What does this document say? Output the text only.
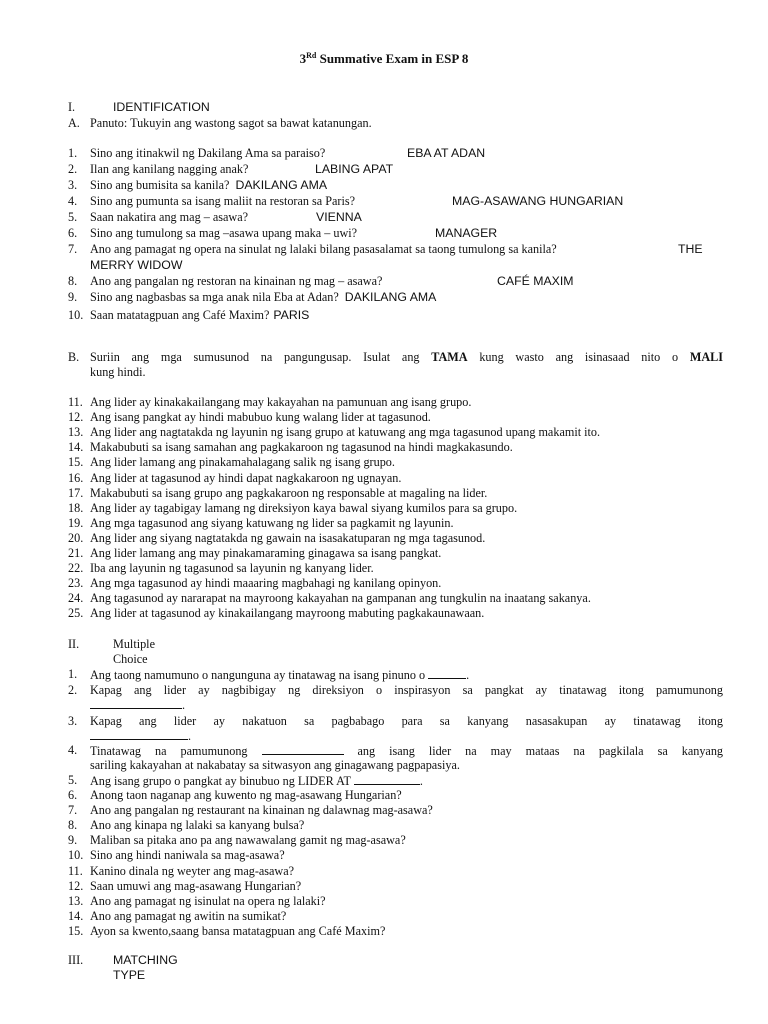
3Rd Summative Exam in ESP 8
I.	IDENTIFICATION
A. Panuto: Tukuyin ang wastong sagot sa bawat katanungan.
1. Sino ang itinakwil ng Dakilang Ama sa paraiso?	EBA AT ADAN
2. Ilan ang kanilang nagging anak?	LABING APAT
3. Sino ang bumisita sa kanila? DAKILANG AMA
4. Sino ang pumunta sa isang maliit na restoran sa Paris?	MAG-ASAWANG HUNGARIAN
5. Saan nakatira ang mag – asawa?	VIENNA
6. Sino ang tumulong sa mag –asawa upang maka – uwi?	MANAGER
7. Ano ang pamagat ng opera na sinulat ng lalaki bilang pasasalamat sa taong tumulong sa kanila?	THE
MERRY WIDOW
8. Ano ang pangalan ng restoran na kinainan ng mag – asawa?	CAFÉ MAXIM
9. Sino ang nagbasbas sa mga anak nila Eba at Adan? DAKILANG AMA
10. Saan matatagpuan ang Café Maxim? PARIS
B. Suriin ang mga sumusunod na pangungusap. Isulat ang TAMA kung wasto ang isinasaad nito o MALI
kung hindi.
11. Ang lider ay kinakakailangang may kakayahan na pamunuan ang isang grupo.
12. Ang isang pangkat ay hindi mabubuo kung walang lider at tagasunod.
13. Ang lider ang nagtatakda ng layunin ng isang grupo at katuwang ang mga tagasunod upang makamit ito.
14. Makabubuti sa isang samahan ang pagkakaroon ng tagasunod na hindi magkakasundo.
15. Ang lider lamang ang pinakamahalagang salik ng isang grupo.
16. Ang lider at tagasunod ay hindi dapat nagkakaroon ng ugnayan.
17. Makabubuti sa isang grupo ang pagkakaroon ng responsable at magaling na lider.
18. Ang lider ay tagabigay lamang ng direksiyon kaya bawal siyang kumilos para sa grupo.
19. Ang mga tagasunod ang siyang katuwang ng lider sa pagkamit ng layunin.
20. Ang lider ang siyang nagtatakda ng gawain na isasakatuparan ng mga tagasunod.
21. Ang lider lamang ang may pinakamaraming ginagawa sa isang pangkat.
22. Iba ang layunin ng tagasunod sa layunin ng kanyang lider.
23. Ang mga tagasunod ay hindi maaaring magbahagi ng kanilang opinyon.
24. Ang tagasunod ay nararapat na mayroong kakayahan na gampanan ang tungkulin na inaatang sakanya.
25. Ang lider at tagasunod ay kinakailangang mayroong mabuting pagkakaunawaan.
II.	Multiple Choice
1. Ang taong namumuno o nangunguna ay tinatawag na isang pinuno o	.
2. Kapag ang lider ay nagbibigay ng direksiyon o inspirasyon sa pangkat ay tinatawag itong pamumunong
.
3. Kapag ang lider ay nakatuon sa pagbabago para sa kanyang nasasakupan ay tinatawag itong
.
4. Tinatawag na pamumunong	ang isang lider na may mataas na pagkilala sa kanyang
sariling kakayahan at nakabatay sa sitwasyon ang ginagawang pagpapasiya.
5. Ang isang grupo o pangkat ay binubuo ng LIDER AT	.
6. Anong taon naganap ang kuwento ng mag-asawang Hungarian?
7. Ano ang pangalan ng restaurant na kinainan ng dalawnag mag-asawa?
8. Ano ang kinapa ng lalaki sa kanyang bulsa?
9. Maliban sa pitaka ano pa ang nawawalang gamit ng mag-asawa?
10. Sino ang hindi naniwala sa mag-asawa?
11. Kanino dinala ng weyter ang mag-asawa?
12. Saan umuwi ang mag-asawang Hungarian?
13. Ano ang pamagat ng isinulat na opera ng lalaki?
14. Ano ang pamagat ng awitin na sumikat?
15. Ayon sa kwento,saang bansa matatagpuan ang Café Maxim?
III. MATCHING TYPE
